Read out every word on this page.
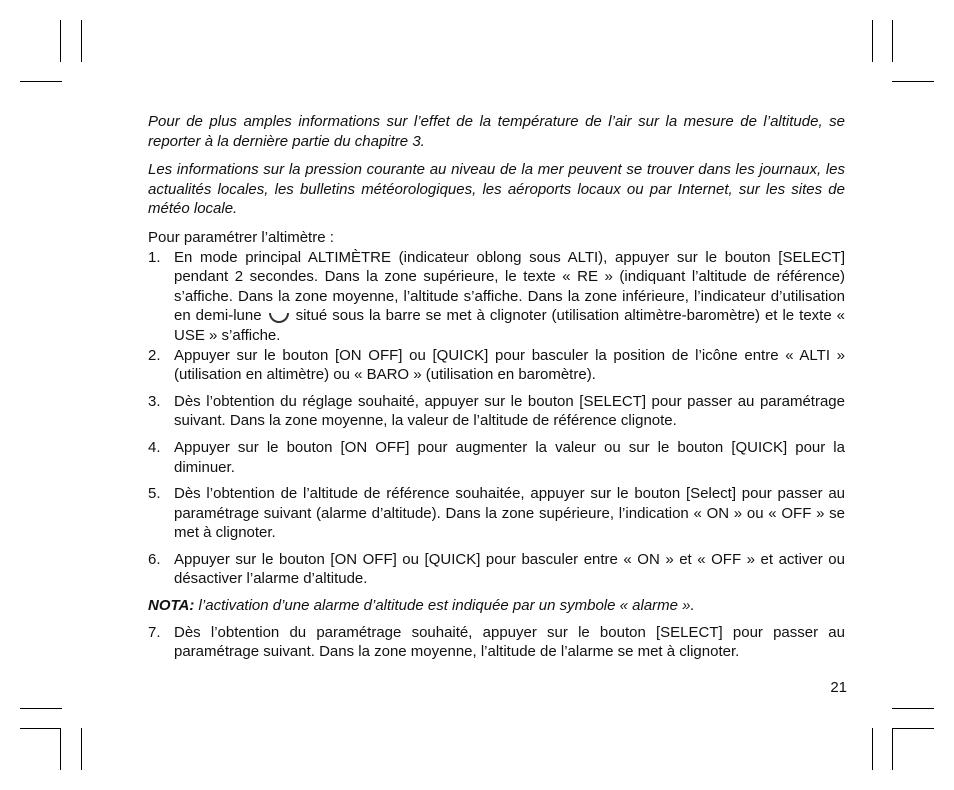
Pour de plus amples informations sur l’effet de la température de l’air sur la mesure de l’altitude, se reporter à la dernière partie du chapitre 3.

Les informations sur la pression courante au niveau de la mer peuvent se trouver dans les journaux, les actualités locales, les bulletins météorologiques, les aéroports locaux ou par Internet, sur les sites de météo locale.

Pour paramétrer l’altimètre :

1. En mode principal ALTIMÈTRE (indicateur oblong sous ALTI), appuyer sur le bouton [SELECT] pendant 2 secondes. Dans la zone supérieure, le texte « RE » (indiquant l’altitude de référence) s’affiche. Dans la zone moyenne, l’altitude s’affiche. Dans la zone inférieure, l’indicateur d’utilisation en demi-lune situé sous la barre se met à clignoter (utilisation altimètre-baromètre) et le texte « USE » s’affiche.
2. Appuyer sur le bouton [ON OFF] ou [QUICK] pour basculer la position de l’icône entre « ALTI » (utilisation en altimètre) ou « BARO » (utilisation en baromètre).
3. Dès l’obtention du réglage souhaité, appuyer sur le bouton [SELECT] pour passer au paramétrage suivant. Dans la zone moyenne, la valeur de l’altitude de référence clignote.
4. Appuyer sur le bouton [ON OFF] pour augmenter la valeur ou sur le bouton [QUICK] pour la diminuer.
5. Dès l’obtention de l’altitude de référence souhaitée, appuyer sur le bouton [Select] pour passer au paramétrage suivant (alarme d’altitude). Dans la zone supérieure, l’indication « ON » ou « OFF » se met à clignoter.
6. Appuyer sur le bouton [ON OFF] ou [QUICK] pour basculer entre « ON » et « OFF » et activer ou désactiver l’alarme d’altitude.

NOTA: l’activation d’une alarme d’altitude est indiquée par un symbole « alarme ».

7. Dès l’obtention du paramétrage souhaité, appuyer sur le bouton [SELECT] pour passer au paramétrage suivant. Dans la zone moyenne, l’altitude de l’alarme se met à clignoter.
21
